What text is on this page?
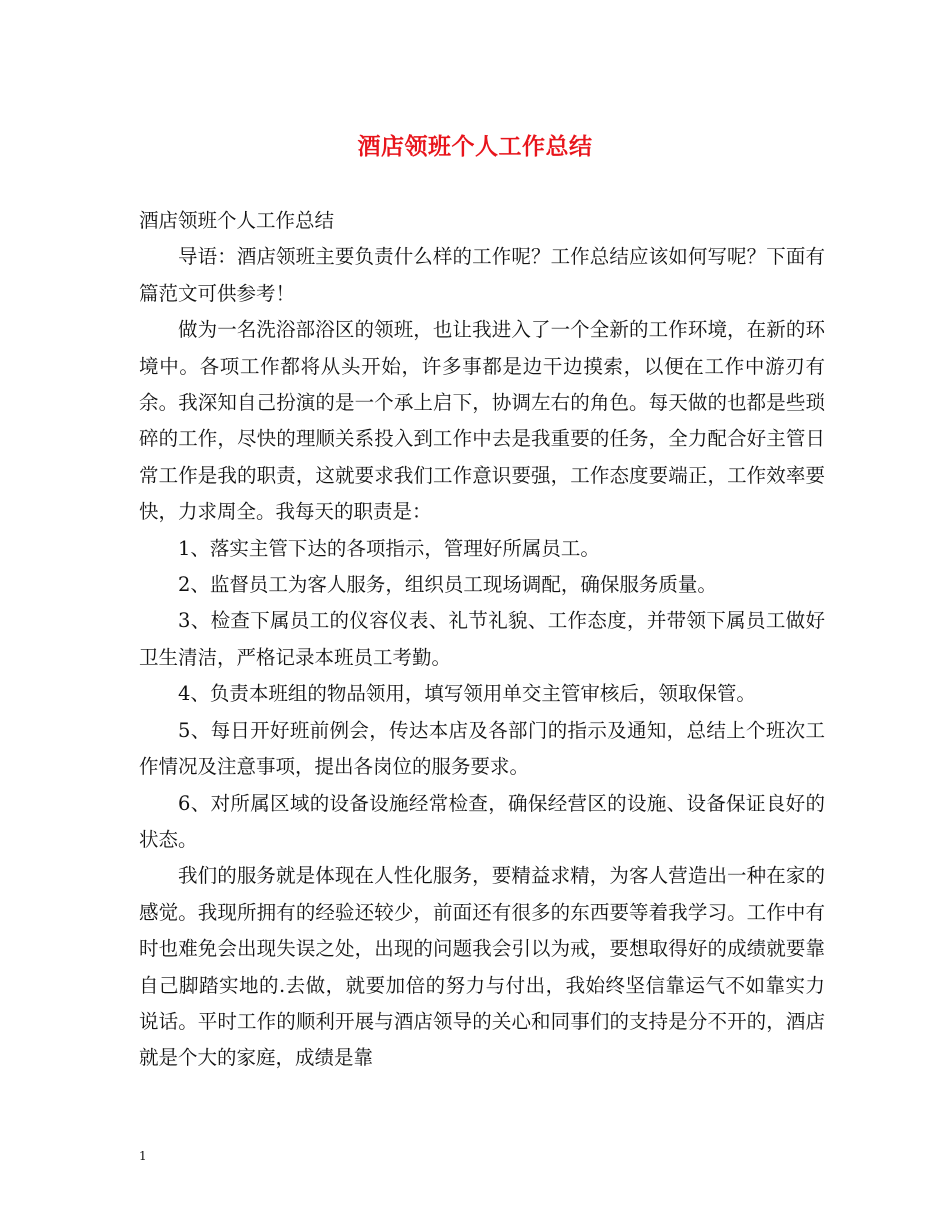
酒店领班个人工作总结

酒店领班个人工作总结

导语：酒店领班主要负责什么样的工作呢？工作总结应该如何写呢？下面有篇范文可供参考！

做为一名洗浴部浴区的领班，也让我进入了一个全新的工作环境，在新的环境中。各项工作都将从头开始，许多事都是边干边摸索，以便在工作中游刃有余。我深知自己扮演的是一个承上启下，协调左右的角色。每天做的也都是些琐碎的工作，尽快的理顺关系投入到工作中去是我重要的任务，全力配合好主管日常工作是我的职责，这就要求我们工作意识要强，工作态度要端正，工作效率要快，力求周全。我每天的职责是：

1、落实主管下达的各项指示，管理好所属员工。

2、监督员工为客人服务，组织员工现场调配，确保服务质量。

3、检查下属员工的仪容仪表、礼节礼貌、工作态度，并带领下属员工做好卫生清洁，严格记录本班员工考勤。

4、负责本班组的物品领用，填写领用单交主管审核后，领取保管。

5、每日开好班前例会，传达本店及各部门的指示及通知，总结上个班次工作情况及注意事项，提出各岗位的服务要求。

6、对所属区域的设备设施经常检查，确保经营区的设施、设备保证良好的状态。

我们的服务就是体现在人性化服务，要精益求精，为客人营造出一种在家的感觉。我现所拥有的经验还较少，前面还有很多的东西要等着我学习。工作中有时也难免会出现失误之处，出现的问题我会引以为戒，要想取得好的成绩就要靠自己脚踏实地的.去做，就要加倍的努力与付出，我始终坚信靠运气不如靠实力说话。平时工作的顺利开展与酒店领导的关心和同事们的支持是分不开的，酒店就是个大的家庭，成绩是靠

1
